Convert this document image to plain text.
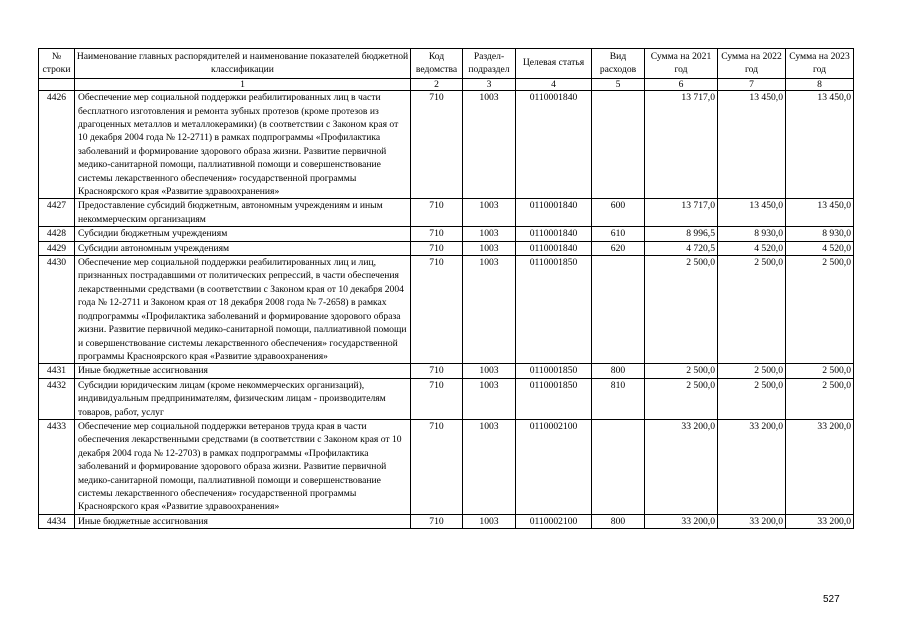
№ строки	Наименование главных распорядителей и наименование показателей бюджетной классификации	Код ведомства	Раздел-подраздел	Целевая статья	Вид расходов	Сумма на 2021 год	Сумма на 2022 год	Сумма на 2023 год
	1	2	3	4	5	6	7	8
4426	Обеспечение мер социальной поддержки реабилитированных лиц в части бесплатного изготовления и ремонта зубных протезов (кроме протезов из драгоценных металлов и металлокерамики) (в соответствии с Законом края от 10 декабря 2004 года № 12-2711) в рамках подпрограммы «Профилактика заболеваний и формирование здорового образа жизни. Развитие первичной медико-санитарной помощи, паллиативной помощи и совершенствование системы лекарственного обеспечения» государственной программы Красноярского края «Развитие здравоохранения»	710	1003	0110001840		13 717,0	13 450,0	13 450,0
4427	Предоставление субсидий бюджетным, автономным учреждениям и иным некоммерческим организациям	710	1003	0110001840	600	13 717,0	13 450,0	13 450,0
4428	Субсидии бюджетным учреждениям	710	1003	0110001840	610	8 996,5	8 930,0	8 930,0
4429	Субсидии автономным учреждениям	710	1003	0110001840	620	4 720,5	4 520,0	4 520,0
4430	Обеспечение мер социальной поддержки реабилитированных лиц и лиц, признанных пострадавшими от политических репрессий, в части обеспечения лекарственными средствами (в соответствии с Законом края от 10 декабря 2004 года № 12-2711 и Законом края от 18 декабря 2008 года № 7-2658) в рамках подпрограммы «Профилактика заболеваний и формирование здорового образа жизни. Развитие первичной медико-санитарной помощи, паллиативной помощи и совершенствование системы лекарственного обеспечения» государственной программы Красноярского края «Развитие здравоохранения»	710	1003	0110001850		2 500,0	2 500,0	2 500,0
4431	Иные бюджетные ассигнования	710	1003	0110001850	800	2 500,0	2 500,0	2 500,0
4432	Субсидии юридическим лицам (кроме некоммерческих организаций), индивидуальным предпринимателям, физическим лицам - производителям товаров, работ, услуг	710	1003	0110001850	810	2 500,0	2 500,0	2 500,0
4433	Обеспечение мер социальной поддержки ветеранов труда края в части обеспечения лекарственными средствами (в соответствии с Законом края от 10 декабря 2004 года № 12-2703) в рамках подпрограммы «Профилактика заболеваний и формирование здорового образа жизни. Развитие первичной медико-санитарной помощи, паллиативной помощи и совершенствование системы лекарственного обеспечения» государственной программы Красноярского края «Развитие здравоохранения»	710	1003	0110002100		33 200,0	33 200,0	33 200,0
4434	Иные бюджетные ассигнования	710	1003	0110002100	800	33 200,0	33 200,0	33 200,0
527
